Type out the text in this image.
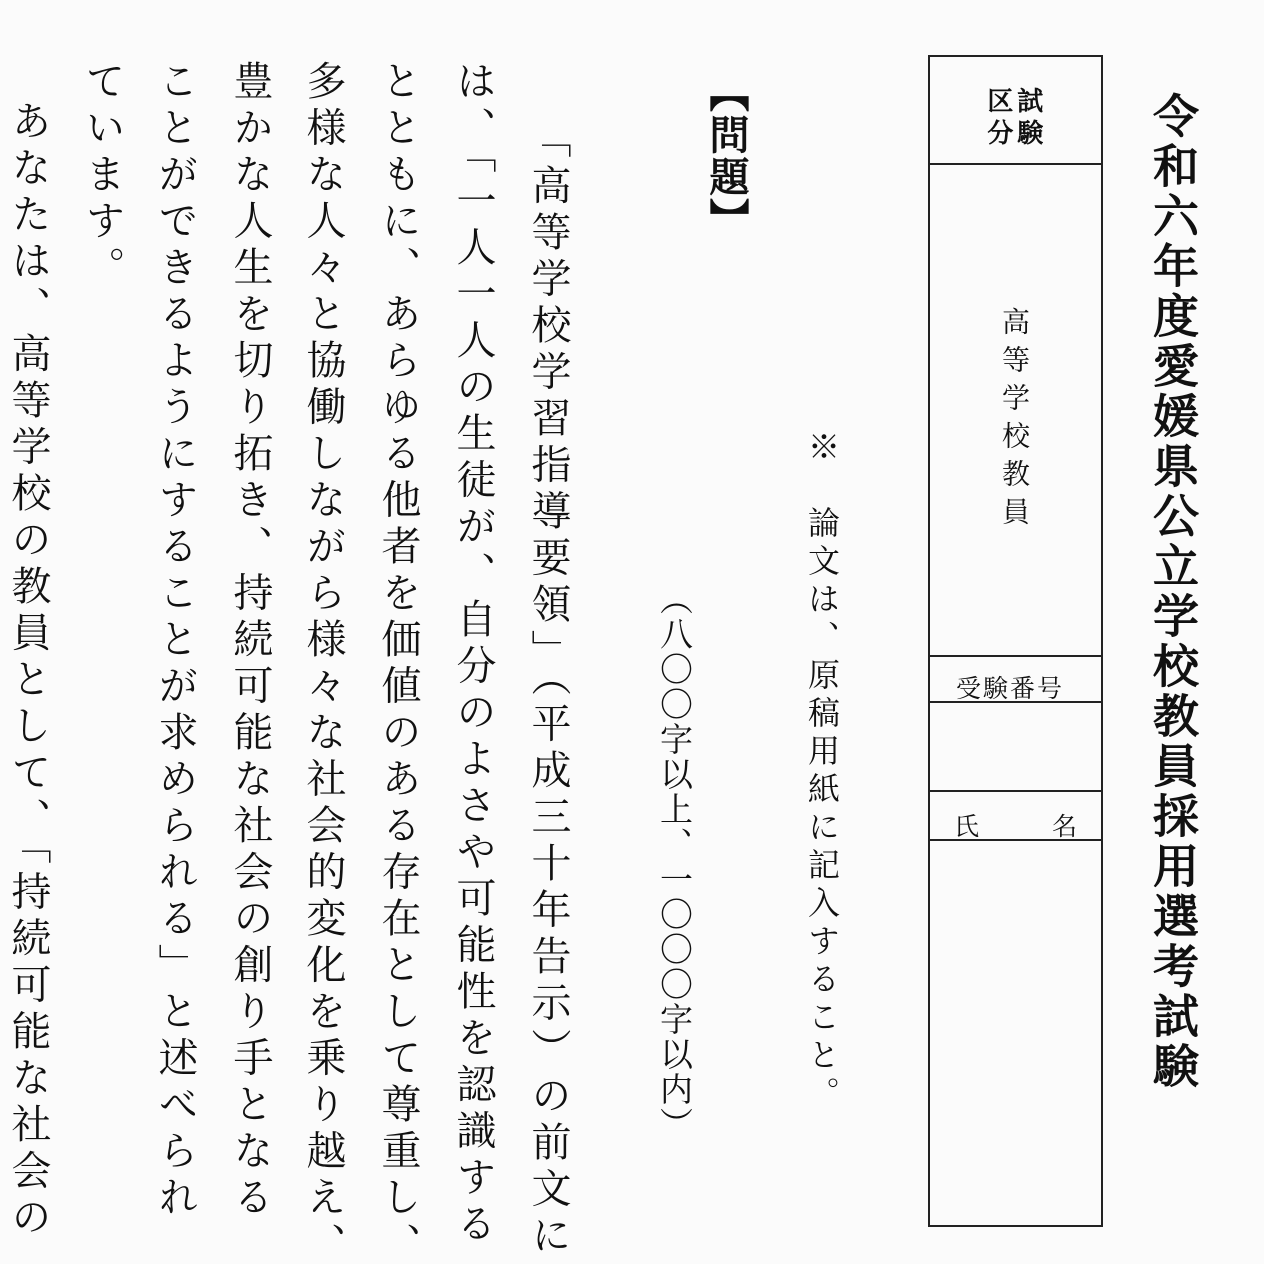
令和六年度愛媛県公立学校教員採用選考試験
試験区分
高等学校教員
受験番号
氏　名
※　論文は、原稿用紙に記入すること。
（八〇〇字以上、一〇〇〇字以内）
【問題】
「高等学校学習指導要領」（平成三十年告示）の前文に
は、「一人一人の生徒が、自分のよさや可能性を認識する
とともに、あらゆる他者を価値のある存在として尊重し、
多様な人々と協働しながら様々な社会的変化を乗り越え、
豊かな人生を切り拓き、持続可能な社会の創り手となる
ことができるようにすることが求められる」と述べられ
ています。
あなたは、高等学校の教員として、「持続可能な社会の
